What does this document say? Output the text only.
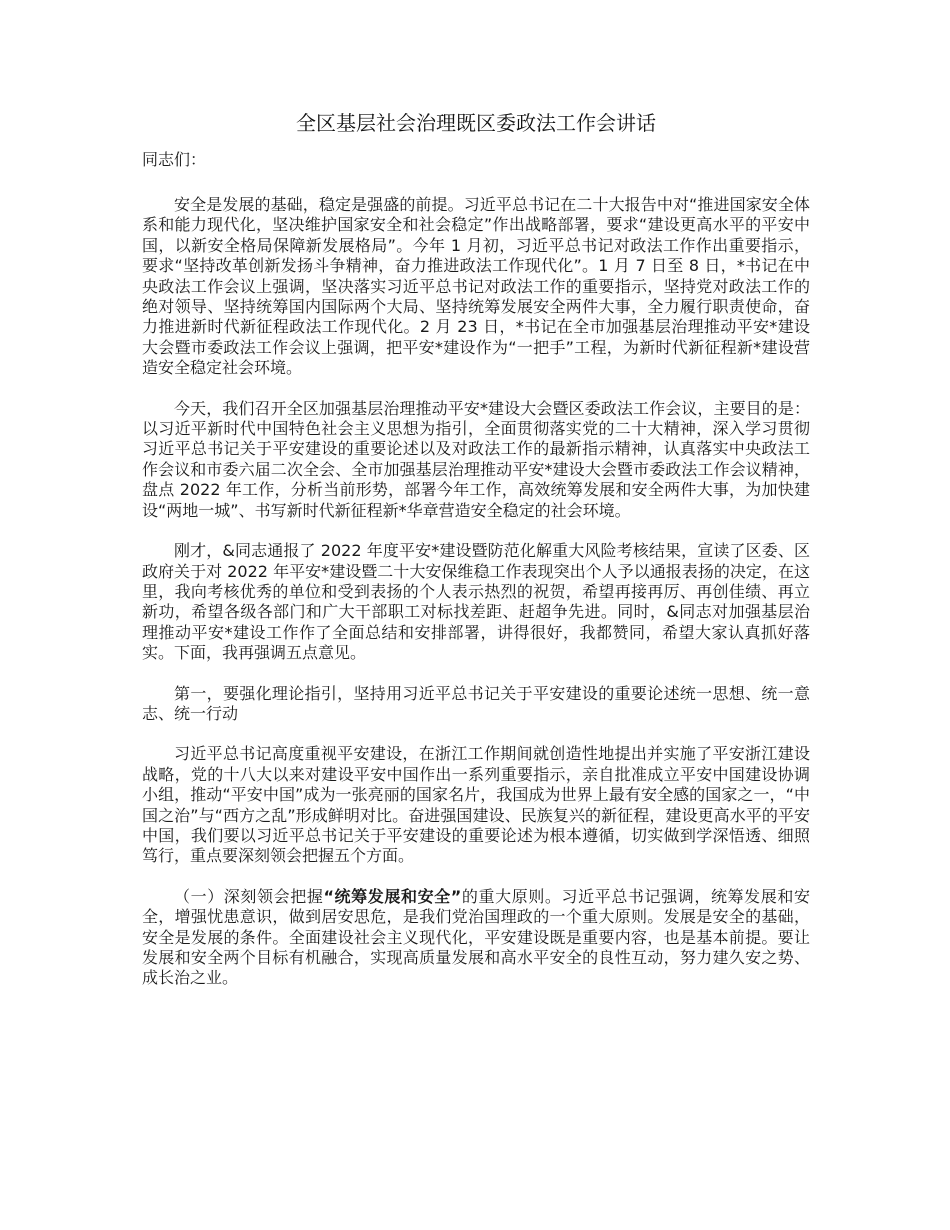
全区基层社会治理既区委政法工作会讲话

同志们：

安全是发展的基础，稳定是强盛的前提。习近平总书记在二十大报告中对“推进国家安全体系和能力现代化，坚决维护国家安全和社会稳定”作出战略部署，要求“建设更高水平的平安中国，以新安全格局保障新发展格局”。今年 1 月初，习近平总书记对政法工作作出重要指示，要求“坚持改革创新发扬斗争精神，奋力推进政法工作现代化”。1 月 7 日至 8 日，*书记在中央政法工作会议上强调，坚决落实习近平总书记对政法工作的重要指示，坚持党对政法工作的绝对领导、坚持统筹国内国际两个大局、坚持统筹发展安全两件大事，全力履行职责使命，奋力推进新时代新征程政法工作现代化。2 月 23 日，*书记在全市加强基层治理推动平安*建设大会暨市委政法工作会议上强调，把平安*建设作为“一把手”工程，为新时代新征程新*建设营造安全稳定社会环境。

今天，我们召开全区加强基层治理推动平安*建设大会暨区委政法工作会议，主要目的是：以习近平新时代中国特色社会主义思想为指引，全面贯彻落实党的二十大精神，深入学习贯彻习近平总书记关于平安建设的重要论述以及对政法工作的最新指示精神，认真落实中央政法工作会议和市委六届二次全会、全市加强基层治理推动平安*建设大会暨市委政法工作会议精神，盘点 2022 年工作，分析当前形势，部署今年工作，高效统筹发展和安全两件大事，为加快建设“两地一城”、书写新时代新征程新*华章营造安全稳定的社会环境。

刚才，&同志通报了 2022 年度平安*建设暨防范化解重大风险考核结果，宣读了区委、区政府关于对 2022 年平安*建设暨二十大安保维稳工作表现突出个人予以通报表扬的决定，在这里，我向考核优秀的单位和受到表扬的个人表示热烈的祝贺，希望再接再厉、再创佳绩、再立新功，希望各级各部门和广大干部职工对标找差距、赶超争先进。同时，&同志对加强基层治理推动平安*建设工作作了全面总结和安排部署，讲得很好，我都赞同，希望大家认真抓好落实。下面，我再强调五点意见。

第一，要强化理论指引，坚持用习近平总书记关于平安建设的重要论述统一思想、统一意志、统一行动

习近平总书记高度重视平安建设，在浙江工作期间就创造性地提出并实施了平安浙江建设战略，党的十八大以来对建设平安中国作出一系列重要指示，亲自批准成立平安中国建设协调小组，推动“平安中国”成为一张亮丽的国家名片，我国成为世界上最有安全感的国家之一，“中国之治”与“西方之乱”形成鲜明对比。奋进强国建设、民族复兴的新征程，建设更高水平的平安中国，我们要以习近平总书记关于平安建设的重要论述为根本遵循，切实做到学深悟透、细照笃行，重点要深刻领会把握五个方面。

（一）深刻领会把握“统筹发展和安全”的重大原则。习近平总书记强调，统筹发展和安全，增强忧患意识，做到居安思危，是我们党治国理政的一个重大原则。发展是安全的基础，安全是发展的条件。全面建设社会主义现代化，平安建设既是重要内容，也是基本前提。要让发展和安全两个目标有机融合，实现高质量发展和高水平安全的良性互动，努力建久安之势、成长治之业。
